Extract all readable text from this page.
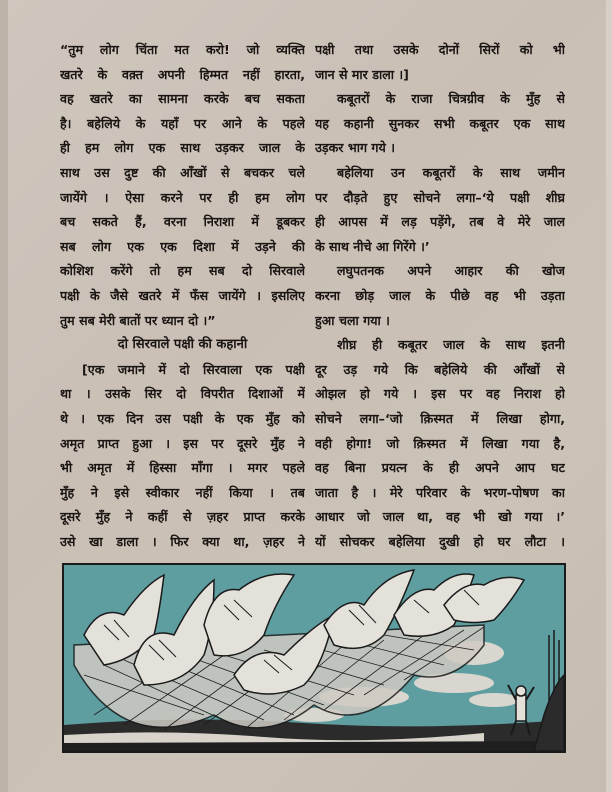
“तुम लोग चिंता मत करो! जो व्यक्ति
खतरे के वक़्त अपनी हिम्मत नहीं हारता,
वह खतरे का सामना करके बच सकता
है। बहेलिये के यहाँ पर आने के पहले
ही हम लोग एक साथ उड़कर जाल के
साथ उस दुष्ट की आँखों से बचकर चले
जायेंगे । ऐसा करने पर ही हम लोग
बच सकते हैं, वरना निराशा में डूबकर
सब लोग एक एक दिशा में उड़ने की
कोशिश करेंगे तो हम सब दो सिरवाले
पक्षी के जैसे खतरे में फँस जायेंगे । इसलिए
तुम सब मेरी बातों पर ध्यान दो ।”
दो सिरवाले पक्षी की कहानी
[एक जमाने में दो सिरवाला एक पक्षी
था । उसके सिर दो विपरीत दिशाओं में
थे । एक दिन उस पक्षी के एक मुँह को
अमृत प्राप्त हुआ । इस पर दूसरे मुँह ने
भी अमृत में हिस्सा माँगा । मगर पहले
मुँह ने इसे स्वीकार नहीं किया । तब
दूसरे मुँह ने कहीं से ज़हर प्राप्त करके
उसे खा डाला । फिर क्या था, ज़हर ने
पक्षी तथा उसके दोनों सिरों को भी
जान से मार डाला ।]
कबूतरों के राजा चित्रग्रीव के मुँह से
यह कहानी सुनकर सभी कबूतर एक साथ
उड़कर भाग गये ।
बहेलिया उन कबूतरों के साथ जमीन
पर दौड़ते हुए सोचने लगा–‘ये पक्षी शीघ्र
ही आपस में लड़ पड़ेंगे, तब वे मेरे जाल
के साथ नीचे आ गिरेंगे ।’
लघुपतनक अपने आहार की खोज
करना छोड़ जाल के पीछे वह भी उड़ता
हुआ चला गया ।
शीघ्र ही कबूतर जाल के साथ इतनी
दूर उड़ गये कि बहेलिये की आँखों से
ओझल हो गये । इस पर वह निराश हो
सोचने लगा–‘जो क़िस्मत में लिखा होगा,
वही होगा! जो क़िस्मत में लिखा गया है,
वह बिना प्रयत्न के ही अपने आप घट
जाता है । मेरे परिवार के भरण-पोषण का
आधार जो जाल था, वह भी खो गया ।’
यों सोचकर बहेलिया दुखी हो घर लौटा ।
